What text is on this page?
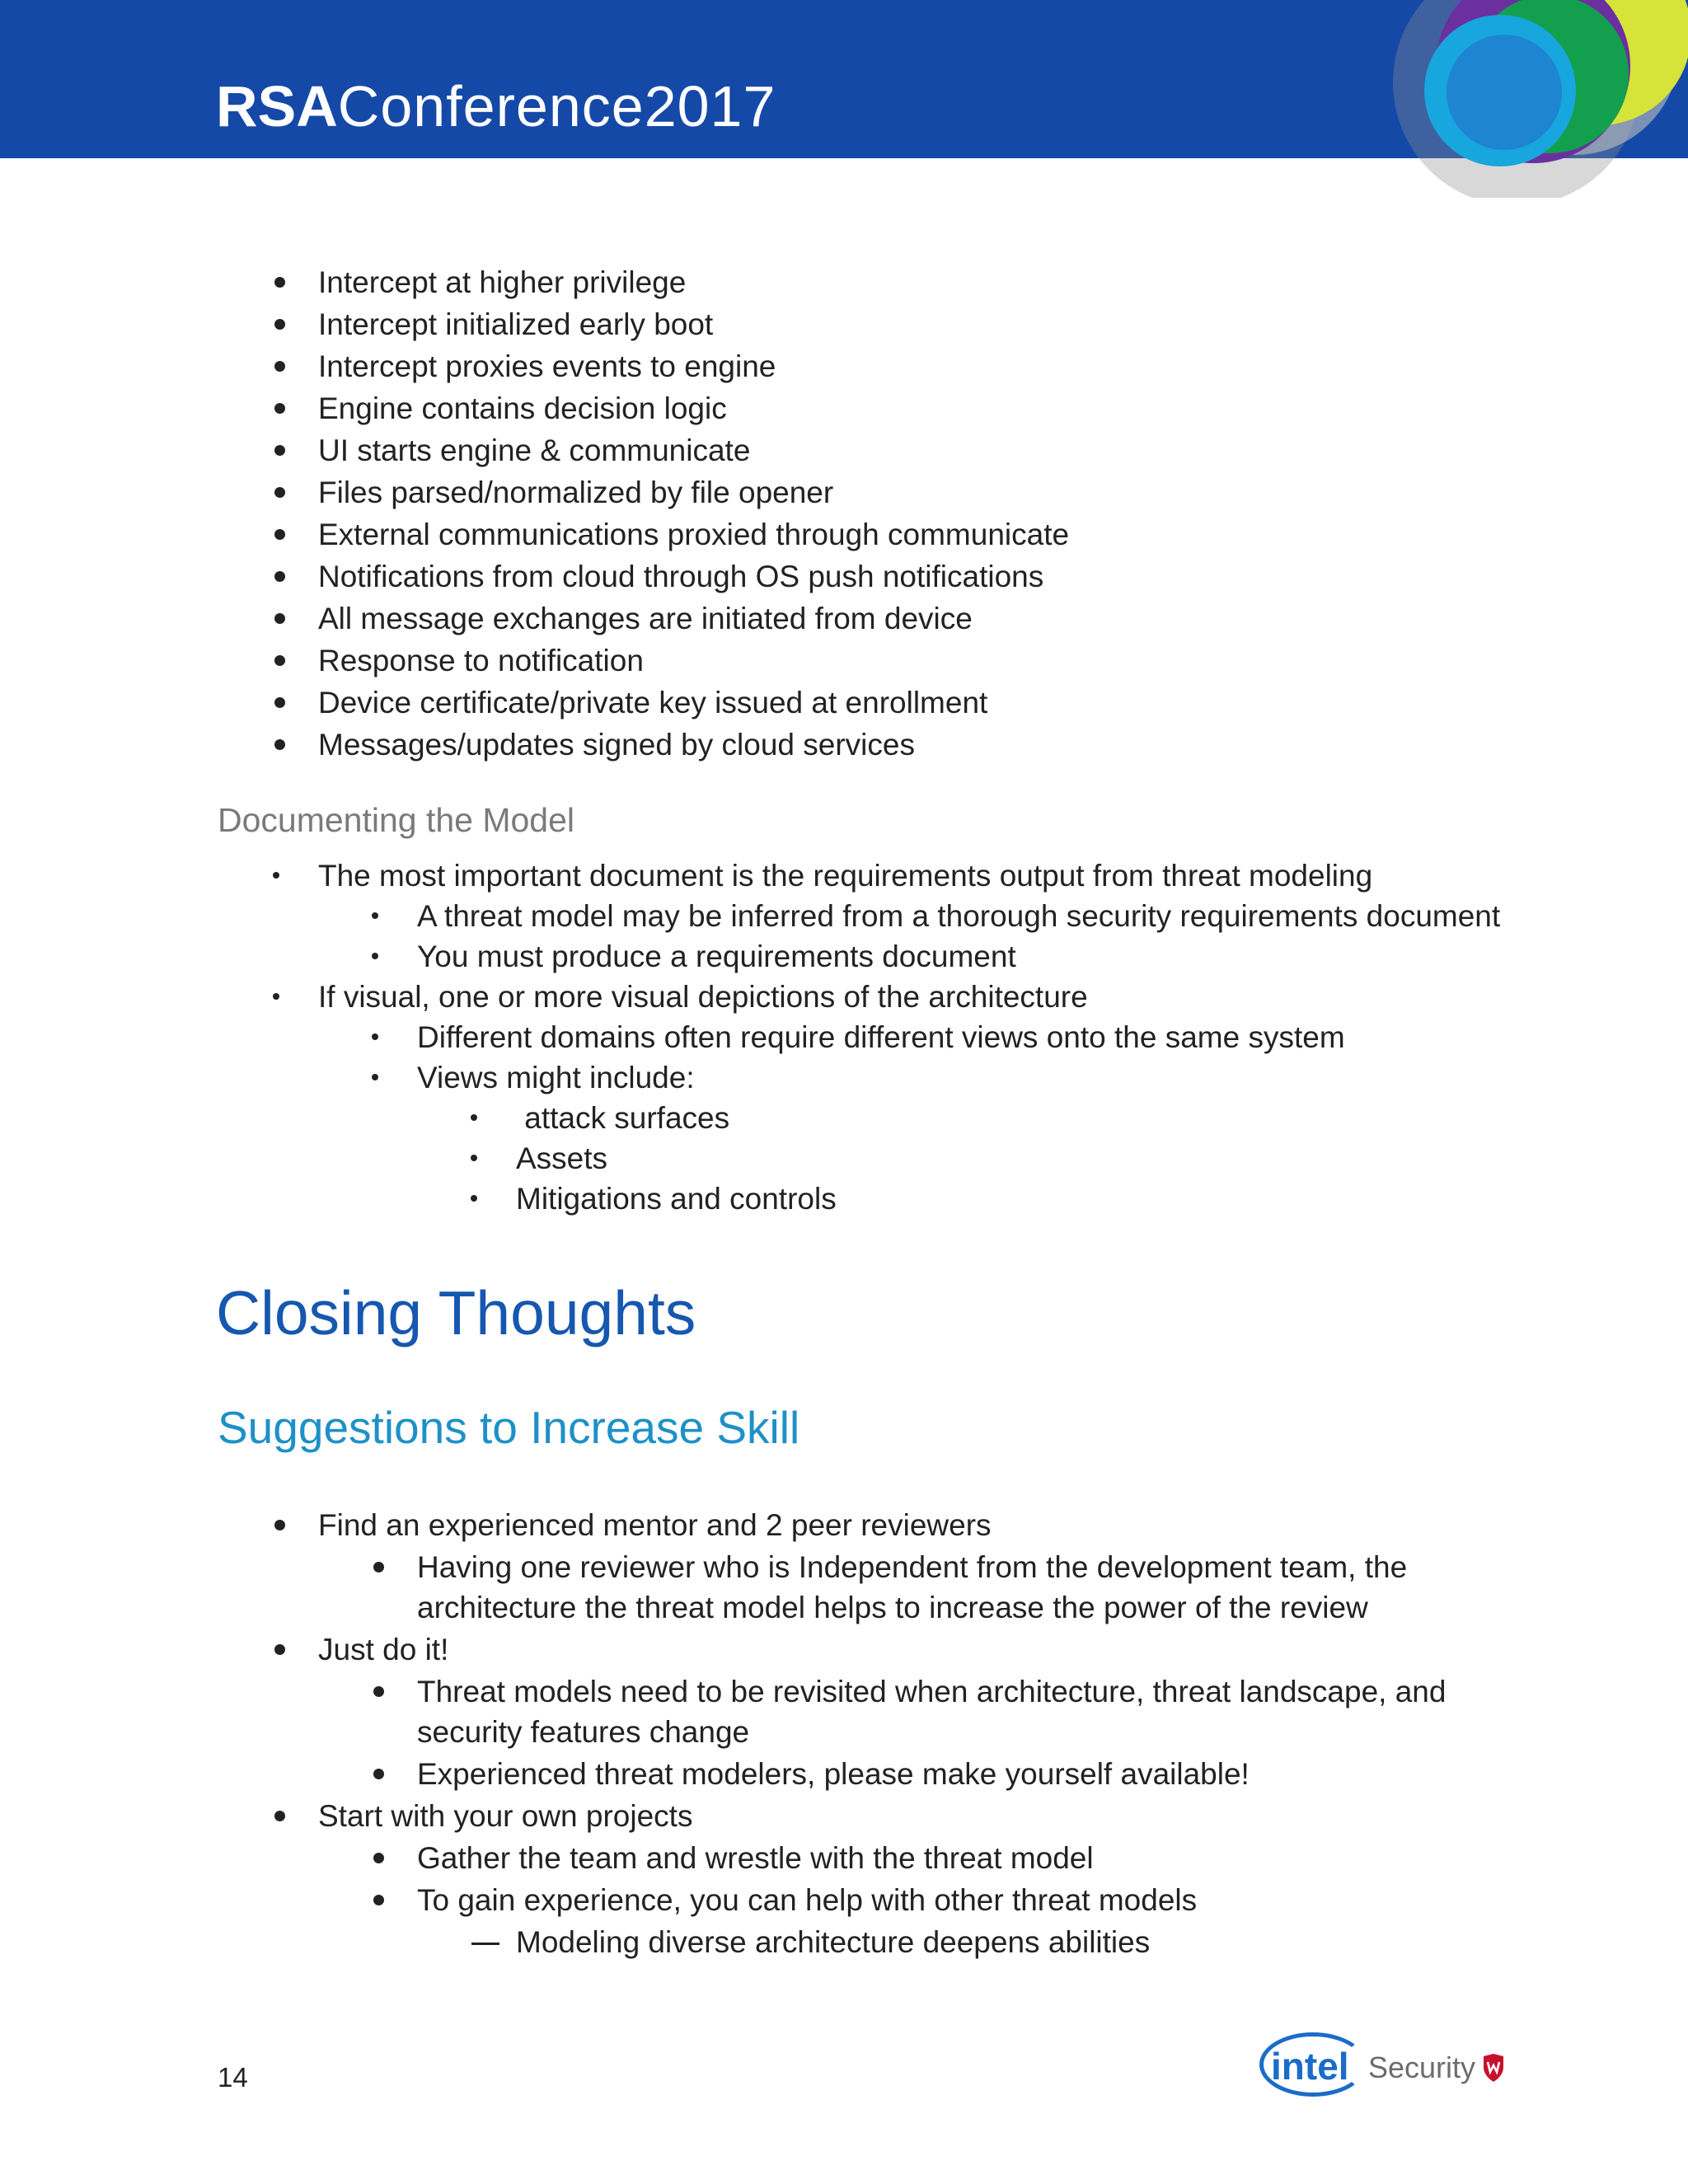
RSAConference2017
Intercept at higher privilege
Intercept initialized early boot
Intercept proxies events to engine
Engine contains decision logic
UI starts engine & communicate
Files parsed/normalized by file opener
External communications proxied through communicate
Notifications from cloud through OS push notifications
All message exchanges are initiated from device
Response to notification
Device certificate/private key issued at enrollment
Messages/updates signed by cloud services
Documenting the Model
The most important document is the requirements output from threat modeling
A threat model may be inferred from a thorough security requirements document
You must produce a requirements document
If visual, one or more visual depictions of the architecture
Different domains often require different views onto the same system
Views might include:
attack surfaces
Assets
Mitigations and controls
Closing Thoughts
Suggestions to Increase Skill
Find an experienced mentor and 2 peer reviewers
Having one reviewer who is Independent from the development team, the
architecture the threat model helps to increase the power of the review
Just do it!
Threat models need to be revisited when architecture, threat landscape, and
security features change
Experienced threat modelers, please make yourself available!
Start with your own projects
Gather the team and wrestle with the threat model
To gain experience, you can help with other threat models
Modeling diverse architecture deepens abilities
14	intel Security
